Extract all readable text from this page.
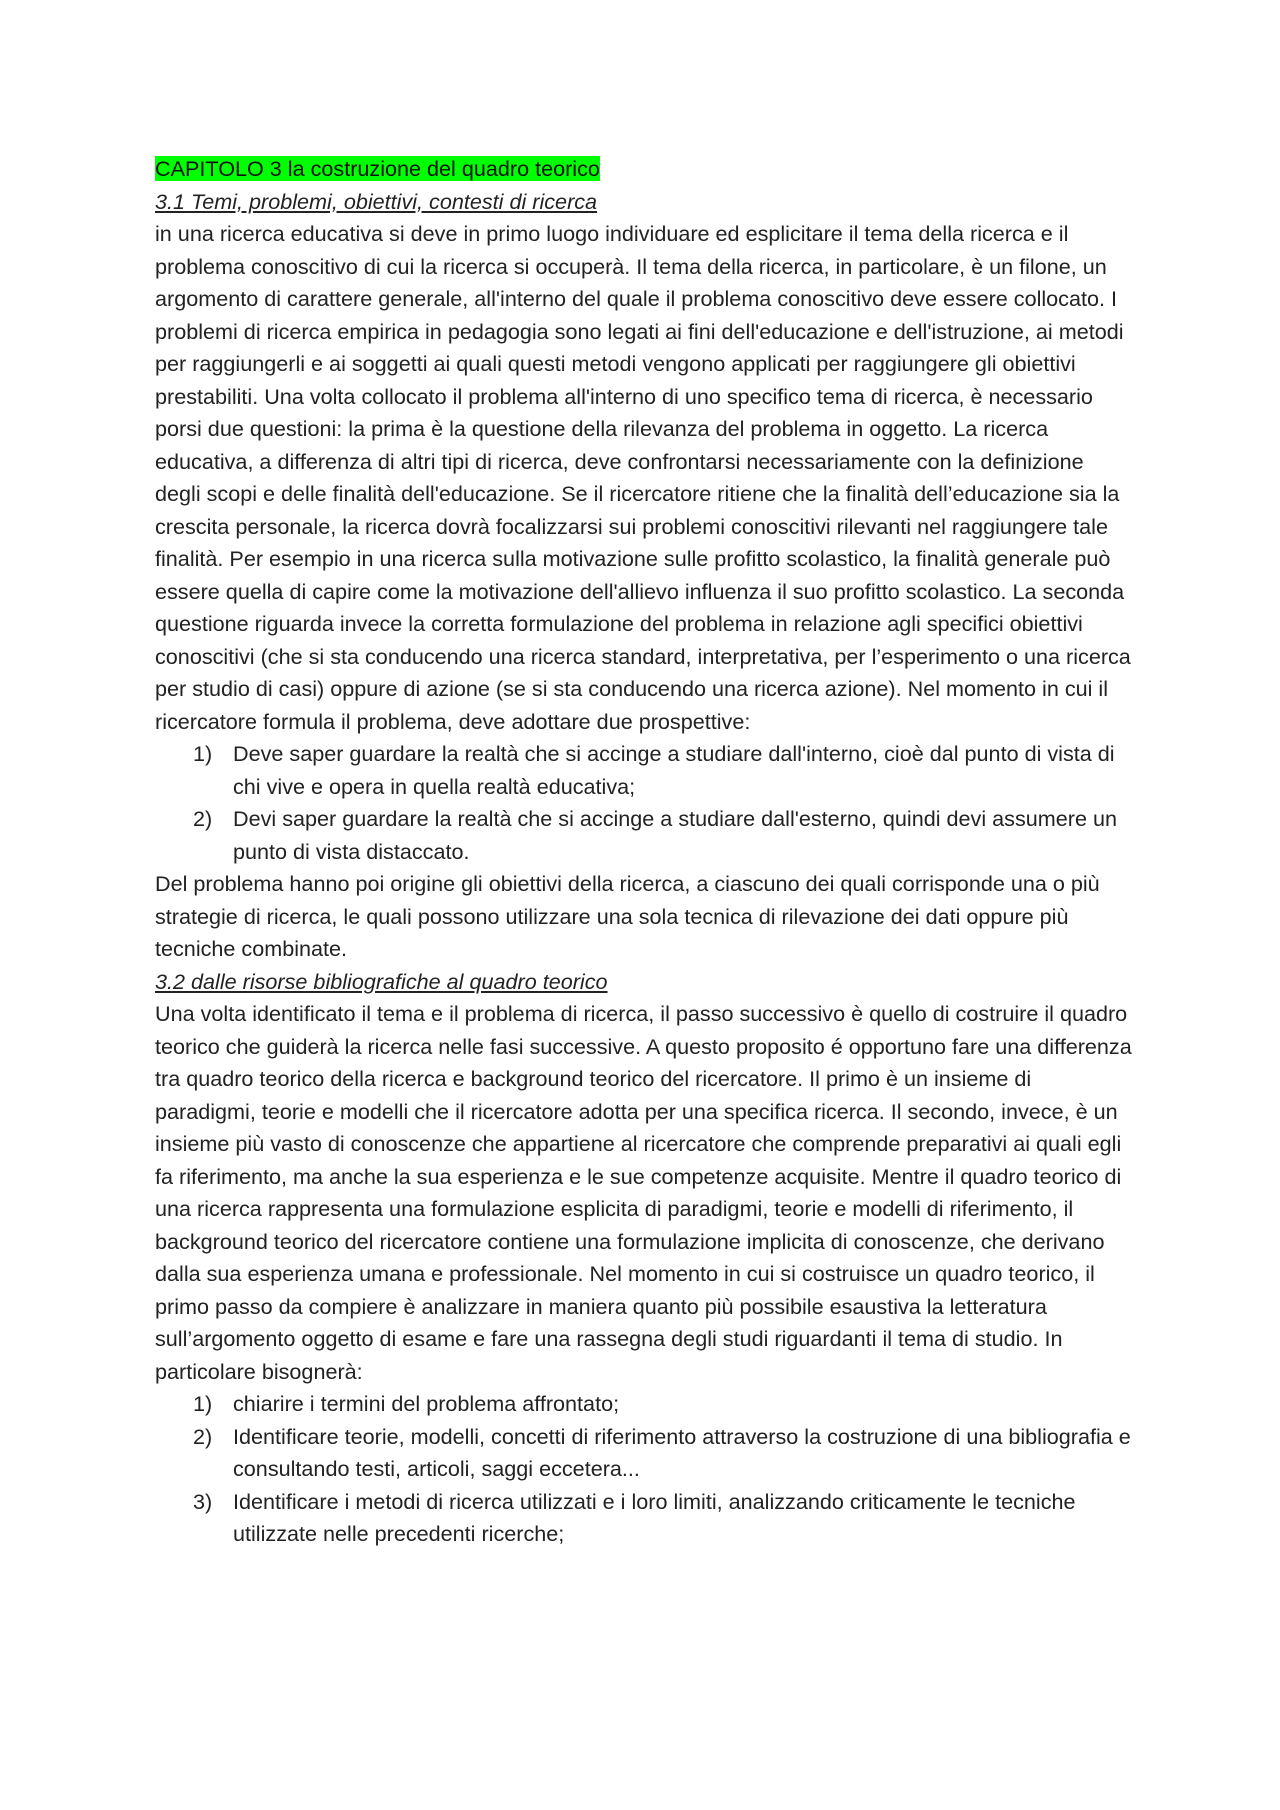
CAPITOLO 3 la costruzione del quadro teorico
3.1 Temi, problemi, obiettivi, contesti di ricerca

in una ricerca educativa si deve in primo luogo individuare ed esplicitare il tema della ricerca e il problema conoscitivo di cui la ricerca si occuperà. Il tema della ricerca, in particolare, è un filone, un argomento di carattere generale, all'interno del quale il problema conoscitivo deve essere collocato. I problemi di ricerca empirica in pedagogia sono legati ai fini dell'educazione e dell'istruzione, ai metodi per raggiungerli e ai soggetti ai quali questi metodi vengono applicati per raggiungere gli obiettivi prestabiliti. Una volta collocato il problema all'interno di uno specifico tema di ricerca, è necessario porsi due questioni: la prima è la questione della rilevanza del problema in oggetto. La ricerca educativa, a differenza di altri tipi di ricerca, deve confrontarsi necessariamente con la definizione degli scopi e delle finalità dell'educazione. Se il ricercatore ritiene che la finalità dell’educazione sia la crescita personale, la ricerca dovrà focalizzarsi sui problemi conoscitivi rilevanti nel raggiungere tale finalità. Per esempio in una ricerca sulla motivazione sulle profitto scolastico, la finalità generale può essere quella di capire come la motivazione dell'allievo influenza il suo profitto scolastico. La seconda questione riguarda invece la corretta formulazione del problema in relazione agli specifici obiettivi conoscitivi (che si sta conducendo una ricerca standard, interpretativa, per l’esperimento o una ricerca per studio di casi) oppure di azione (se si sta conducendo una ricerca azione). Nel momento in cui il ricercatore formula il problema, deve adottare due prospettive:

1) Deve saper guardare la realtà che si accinge a studiare dall'interno, cioè dal punto di vista di chi vive e opera in quella realtà educativa;
2) Devi saper guardare la realtà che si accinge a studiare dall'esterno, quindi devi assumere un punto di vista distaccato.

Del problema hanno poi origine gli obiettivi della ricerca, a ciascuno dei quali corrisponde una o più strategie di ricerca, le quali possono utilizzare una sola tecnica di rilevazione dei dati oppure più tecniche combinate.

3.2 dalle risorse bibliografiche al quadro teorico

Una volta identificato il tema e il problema di ricerca, il passo successivo è quello di costruire il quadro teorico che guiderà la ricerca nelle fasi successive. A questo proposito é opportuno fare una differenza tra quadro teorico della ricerca e background teorico del ricercatore. Il primo è un insieme di paradigmi, teorie e modelli che il ricercatore adotta per una specifica ricerca. Il secondo, invece, è un insieme più vasto di conoscenze che appartiene al ricercatore che comprende preparativi ai quali egli fa riferimento, ma anche la sua esperienza e le sue competenze acquisite. Mentre il quadro teorico di una ricerca rappresenta una formulazione esplicita di paradigmi, teorie e modelli di riferimento, il background teorico del ricercatore contiene una formulazione implicita di conoscenze, che derivano dalla sua esperienza umana e professionale. Nel momento in cui si costruisce un quadro teorico, il primo passo da compiere è analizzare in maniera quanto più possibile esaustiva la letteratura sull’argomento oggetto di esame e fare una rassegna degli studi riguardanti il tema di studio. In particolare bisognerà:

1) chiarire i termini del problema affrontato;
2) Identificare teorie, modelli, concetti di riferimento attraverso la costruzione di una bibliografia e consultando testi, articoli, saggi eccetera...
3) Identificare i metodi di ricerca utilizzati e i loro limiti, analizzando criticamente le tecniche utilizzate nelle precedenti ricerche;
